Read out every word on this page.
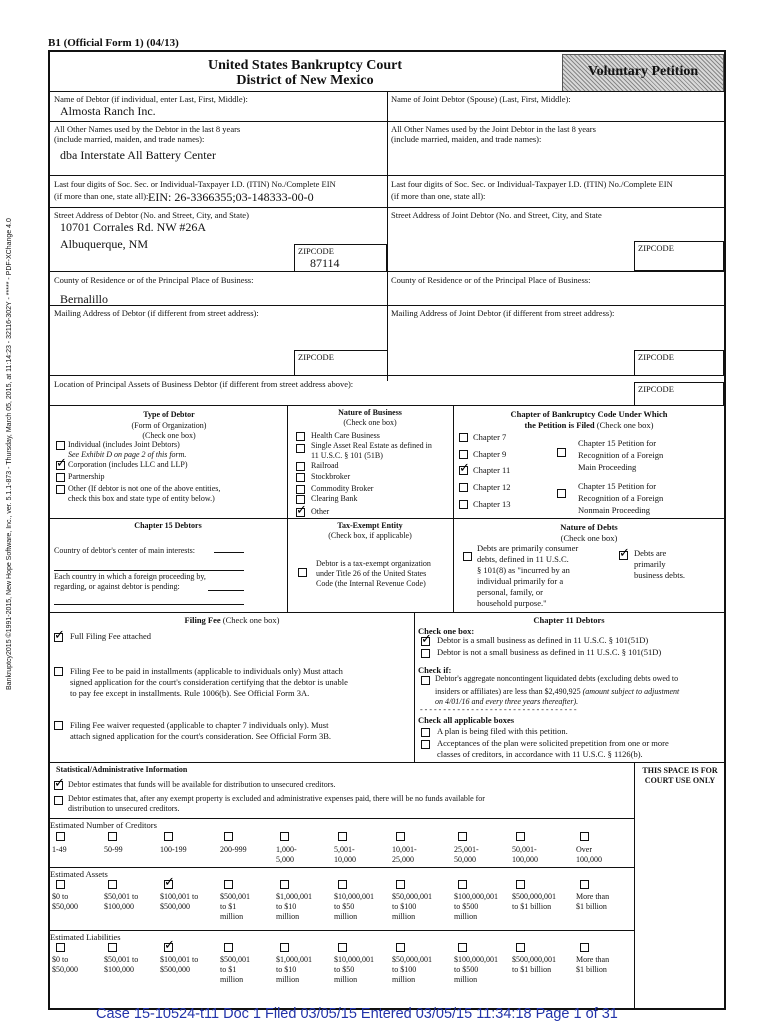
B1 (Official Form 1) (04/13)
United States Bankruptcy Court
District of New Mexico
Voluntary Petition
Name of Debtor (if individual, enter Last, First, Middle):
Almosta Ranch Inc.
Name of Joint Debtor (Spouse) (Last, First, Middle):
All Other Names used by the Debtor in the last 8 years
(include married, maiden, and trade names):
dba Interstate All Battery Center
All Other Names used by the Joint Debtor in the last 8 years
(include married, maiden, and trade names):
Last four digits of Soc. Sec. or Individual-Taxpayer I.D. (ITIN) No./Complete EIN
(if more than one, state all): EIN: 26-3366355;03-148333-00-0
Last four digits of Soc. Sec. or Individual-Taxpayer I.D. (ITIN) No./Complete EIN
(if more than one, state all):
Street Address of Debtor (No. and Street, City, and State)
10701 Corrales Rd. NW #26A
Albuquerque, NM	ZIPCODE
87114
Street Address of Joint Debtor (No. and Street, City, and State
ZIPCODE
County of Residence or of the Principal Place of Business:
Bernalillo
County of Residence or of the Principal Place of Business:
Mailing Address of Debtor (if different from street address):	Mailing Address of Joint Debtor (if different from street address):
ZIPCODE	ZIPCODE
Location of Principal Assets of Business Debtor (if different from street address above):	ZIPCODE
Type of Debtor
(Form of Organization)
(Check one box)
Individual (includes Joint Debtors)
See Exhibit D on page 2 of this form.
✓
Corporation (includes LLC and LLP)
Partnership
Other (If debtor is not one of the above entities,
check this box and state type of entity below.)
Nature of Business
(Check one box)
Health Care Business
Single Asset Real Estate as defined in
11 U.S.C. § 101 (51B)
Railroad
Stockbroker
Commodity Broker
Clearing Bank
✓
Other
Chapter of Bankruptcy Code Under Which
the Petition is Filed (Check one box)
Chapter 7
Chapter 9
✓
Chapter 11
Chapter 12
Chapter 13
Chapter 15 Petition for
Recognition of a Foreign
Main Proceeding
Chapter 15 Petition for
Recognition of a Foreign
Nonmain Proceeding
Chapter 15 Debtors
Country of debtor's center of main interests:
Each country in which a foreign proceeding by,
regarding, or against debtor is pending:
Tax-Exempt Entity
(Check box, if applicable)
Debtor is a tax-exempt organization
under Title 26 of the United States
Code (the Internal Revenue Code)
Nature of Debts
(Check one box)
Debts are primarily consumer
debts, defined in 11 U.S.C.
§ 101(8) as "incurred by an
individual primarily for a
personal, family, or
household purpose."
✓
Debts are
primarily
business debts.
Filing Fee (Check one box)
✓
Full Filing Fee attached
Filing Fee to be paid in installments (applicable to individuals only) Must attach
signed application for the court's consideration certifying that the debtor is unable
to pay fee except in installments. Rule 1006(b). See Official Form 3A.
Filing Fee waiver requested (applicable to chapter 7 individuals only). Must
attach signed application for the court's consideration. See Official Form 3B.
Chapter 11 Debtors
Check one box:
✓
Debtor is a small business as defined in 11 U.S.C. § 101(51D)
Debtor is not a small business as defined in 11 U.S.C. § 101(51D)
Check if:
Debtor's aggregate noncontingent liquidated debts (excluding debts owed to
insiders or affiliates) are less than $2,490,925 (amount subject to adjustment
on 4/01/16 and every three years thereafter).
- - - - - - - - - - - - - - - - - - - - - - - - - - - - - - - - - -
Check all applicable boxes
A plan is being filed with this petition.
Acceptances of the plan were solicited prepetition from one or more
classes of creditors, in accordance with 11 U.S.C. § 1126(b).
Statistical/Administrative Information
✓
Debtor estimates that funds will be available for distribution to unsecured creditors.
Debtor estimates that, after any exempt property is excluded and administrative expenses paid, there will be no funds available for
distribution to unsecured creditors.
THIS SPACE IS FOR
COURT USE ONLY
Estimated Number of Creditors
1-49	50-99	100-199	200-999	1,000-
5,000
5,001-
10,000
10,001-
25,000
25,001-
50,000
50,001-
100,000
Over
100,000
Estimated Assets
$0 to
$50,000
$50,001 to
$100,000
✓
$100,001 to
$500,000
$500,001
to $1
million
$1,000,001
to $10
million
$10,000,001
to $50
million
$50,000,001
to $100
million
$100,000,001
to $500
million
$500,000,001
to $1 billion
More than
$1 billion
Estimated Liabilities
$0 to
$50,000
$50,001 to
$100,000
✓
$100,001 to
$500,000
$500,001
to $1
million
$1,000,001
to $10
million
$10,000,001
to $50
million
$50,000,001
to $100
million
$100,000,001
to $500
million
$500,000,001
to $1 billion
More than
$1 billion
Bankruptcy2015 ©1991-2015, New Hope Software, Inc., ver. 5.1.1-873 - Thursday, March 05, 2015, at 11:14:23 - 32116-302Y - ***** - PDF-XChange 4.0
Case 15-10524-t11 Doc 1 Filed 03/05/15 Entered 03/05/15 11:34:18 Page 1 of 31
